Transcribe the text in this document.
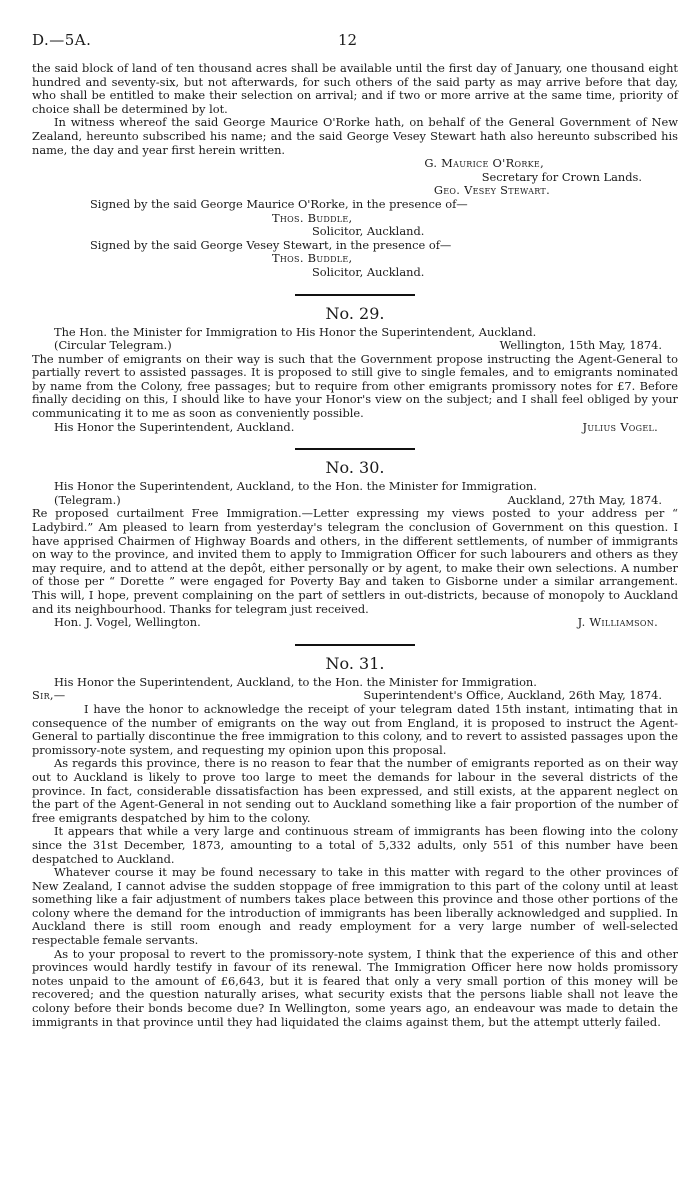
D.—5A.	12

the said block of land of ten thousand acres shall be available until the first day of January, one thousand eight hundred and seventy-six, but not afterwards, for such others of the said party as may arrive before that day, who shall be entitled to make their selection on arrival; and if two or more arrive at the same time, priority of choice shall be determined by lot.

In witness whereof the said George Maurice O'Rorke hath, on behalf of the General Government of New Zealand, hereunto subscribed his name; and the said George Vesey Stewart hath also hereunto subscribed his name, the day and year first herein written.

G. Maurice O'Rorke,
Secretary for Crown Lands.
Geo. Vesey Stewart.
Signed by the said George Maurice O'Rorke, in the presence of—
Thos. Buddle,
Solicitor, Auckland.
Signed by the said George Vesey Stewart, in the presence of—
Thos. Buddle,
Solicitor, Auckland.
No. 29.

The Hon. the Minister for Immigration to His Honor the Superintendent, Auckland.

(Circular Telegram.)	Wellington, 15th May, 1874.

The number of emigrants on their way is such that the Government propose instructing the Agent-General to partially revert to assisted passages. It is proposed to still give to single females, and to emigrants nominated by name from the Colony, free passages; but to require from other emigrants promissory notes for £7. Before finally deciding on this, I should like to have your Honor's view on the subject; and I shall feel obliged by your communicating it to me as soon as conveniently possible.

His Honor the Superintendent, Auckland.	Julius Vogel.
No. 30.

His Honor the Superintendent, Auckland, to the Hon. the Minister for Immigration.

(Telegram.)	Auckland, 27th May, 1874.

Re proposed curtailment Free Immigration.—Letter expressing my views posted to your address per “ Ladybird.” Am pleased to learn from yesterday's telegram the conclusion of Government on this question. I have apprised Chairmen of Highway Boards and others, in the different settlements, of number of immigrants on way to the province, and invited them to apply to Immigration Officer for such labourers and others as they may require, and to attend at the depôt, either personally or by agent, to make their own selections. A number of those per “ Dorette ” were engaged for Poverty Bay and taken to Gisborne under a similar arrangement. This will, I hope, prevent complaining on the part of settlers in out-districts, because of monopoly to Auckland and its neighbourhood. Thanks for telegram just received.

Hon. J. Vogel, Wellington.	J. Williamson.
No. 31.

His Honor the Superintendent, Auckland, to the Hon. the Minister for Immigration.

Sir,—	Superintendent's Office, Auckland, 26th May, 1874.

I have the honor to acknowledge the receipt of your telegram dated 15th instant, intimating that in consequence of the number of emigrants on the way out from England, it is proposed to instruct the Agent-General to partially discontinue the free immigration to this colony, and to revert to assisted passages upon the promissory-note system, and requesting my opinion upon this proposal.

As regards this province, there is no reason to fear that the number of emigrants reported as on their way out to Auckland is likely to prove too large to meet the demands for labour in the several districts of the province. In fact, considerable dissatisfaction has been expressed, and still exists, at the apparent neglect on the part of the Agent-General in not sending out to Auckland something like a fair proportion of the number of free emigrants despatched by him to the colony.

It appears that while a very large and continuous stream of immigrants has been flowing into the colony since the 31st December, 1873, amounting to a total of 5,332 adults, only 551 of this number have been despatched to Auckland.

Whatever course it may be found necessary to take in this matter with regard to the other provinces of New Zealand, I cannot advise the sudden stoppage of free immigration to this part of the colony until at least something like a fair adjustment of numbers takes place between this province and those other portions of the colony where the demand for the introduction of immigrants has been liberally acknowledged and supplied. In Auckland there is still room enough and ready employment for a very large number of well-selected respectable female servants.

As to your proposal to revert to the promissory-note system, I think that the experience of this and other provinces would hardly testify in favour of its renewal. The Immigration Officer here now holds promissory notes unpaid to the amount of £6,643, but it is feared that only a very small portion of this money will be recovered; and the question naturally arises, what security exists that the persons liable shall not leave the colony before their bonds become due? In Wellington, some years ago, an endeavour was made to detain the immigrants in that province until they had liquidated the claims against them, but the attempt utterly failed.
